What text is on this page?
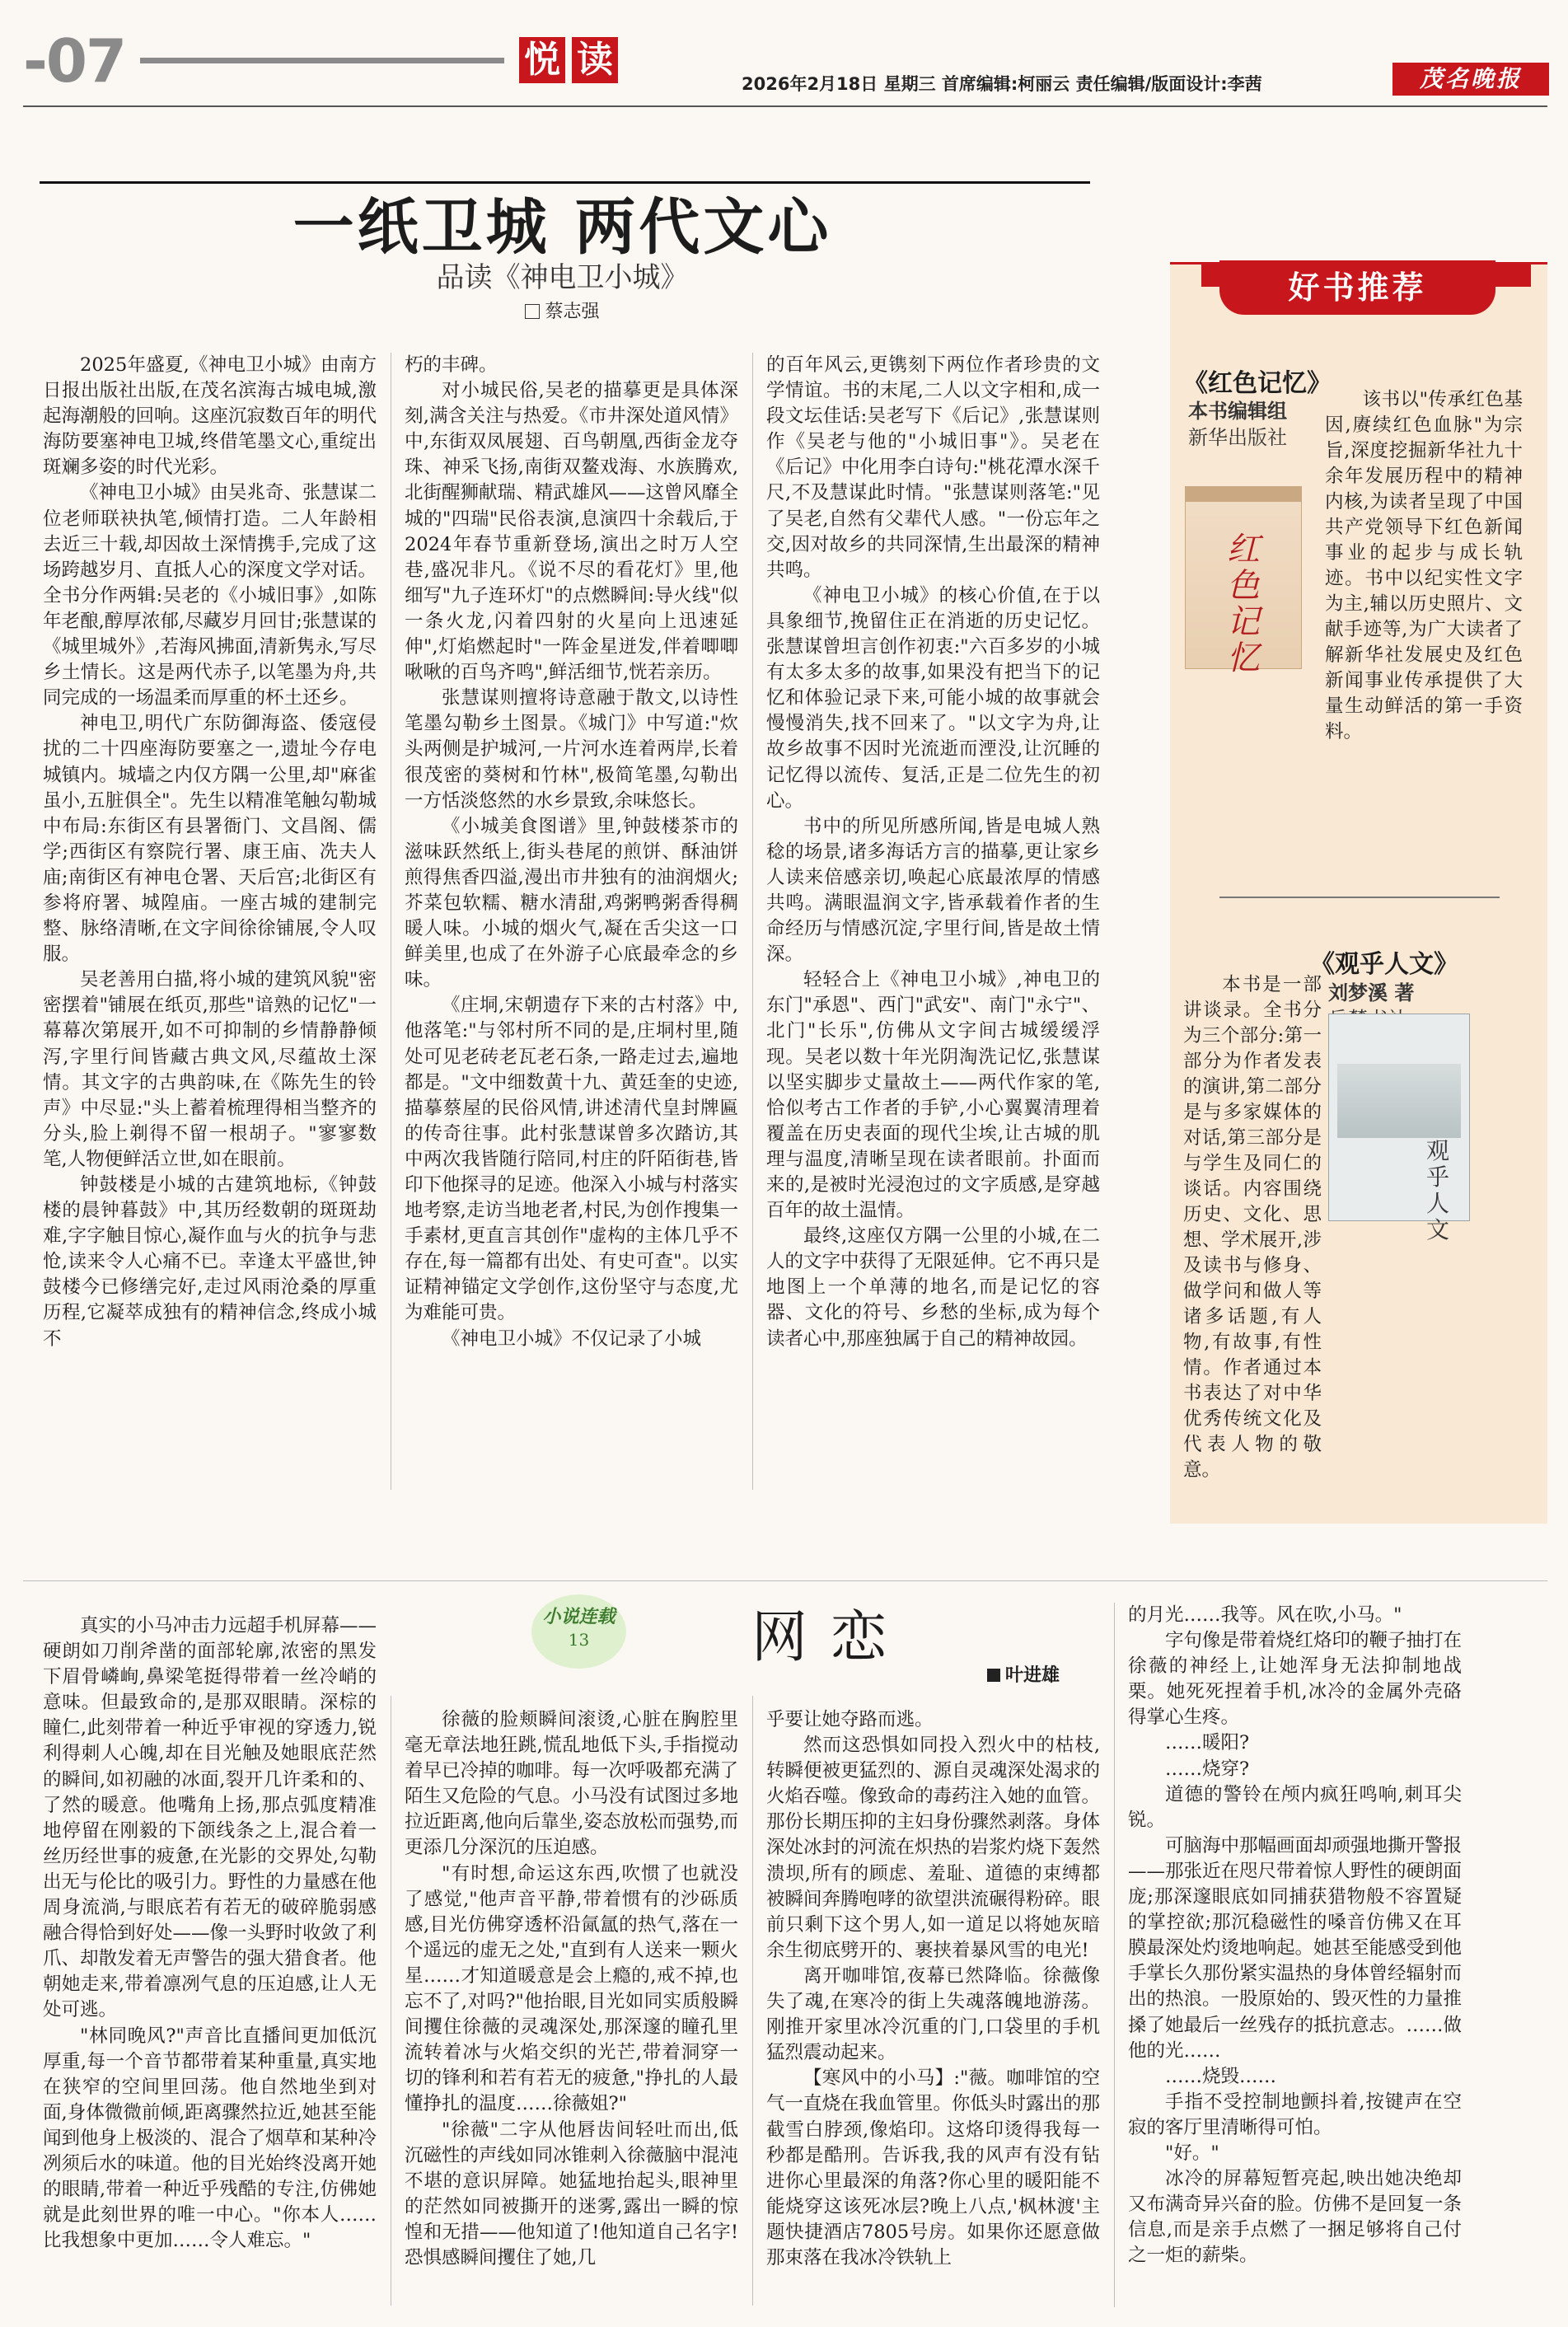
-07	悦 读
2026年2月18日 星期三 首席编辑:柯丽云 责任编辑/版面设计:李茜	茂名晚报
一纸卫城 两代文心
品读《神电卫小城》
蔡志强

2025年盛夏,《神电卫小城》由南方日报出版社出版,在茂名滨海古城电城,激起海潮般的回响。这座沉寂数百年的明代海防要塞神电卫城,终借笔墨文心,重绽出斑斓多姿的时代光彩。

《神电卫小城》由吴兆奇、张慧谋二位老师联袂执笔,倾情打造。二人年龄相去近三十载,却因故土深情携手,完成了这场跨越岁月、直抵人心的深度文学对话。全书分作两辑:吴老的《小城旧事》,如陈年老酿,醇厚浓郁,尽藏岁月回甘;张慧谋的《城里城外》,若海风拂面,清新隽永,写尽乡土情长。这是两代赤子,以笔墨为舟,共同完成的一场温柔而厚重的杯土还乡。

神电卫,明代广东防御海盗、倭寇侵扰的二十四座海防要塞之一,遗址今存电城镇内。城墙之内仅方隅一公里,却"麻雀虽小,五脏俱全"。先生以精准笔触勾勒城中布局:东街区有县署衙门、文昌阁、儒学;西街区有察院行署、康王庙、冼夫人庙;南街区有神电仓署、天后宫;北街区有参将府署、城隍庙。一座古城的建制完整、脉络清晰,在文字间徐徐铺展,令人叹服。

吴老善用白描,将小城的建筑风貌"密密摆着"铺展在纸页,那些"谙熟的记忆"一幕幕次第展开,如不可抑制的乡情静静倾泻,字里行间皆藏古典文风,尽蕴故土深情。其文字的古典韵味,在《陈先生的铃声》中尽显:"头上蓄着梳理得相当整齐的分头,脸上剃得不留一根胡子。"寥寥数笔,人物便鲜活立世,如在眼前。

钟鼓楼是小城的古建筑地标,《钟鼓楼的晨钟暮鼓》中,其历经数朝的斑斑劫难,字字触目惊心,凝作血与火的抗争与悲怆,读来令人心痛不已。幸逢太平盛世,钟鼓楼今已修缮完好,走过风雨沧桑的厚重历程,它凝萃成独有的精神信念,终成小城不

朽的丰碑。

对小城民俗,吴老的描摹更是具体深刻,满含关注与热爱。《市井深处道风情》中,东街双凤展翅、百鸟朝凰,西街金龙夺珠、神采飞扬,南街双鳌戏海、水族腾欢,北街醒狮献瑞、精武雄风——这曾风靡全城的"四瑞"民俗表演,息演四十余载后,于2024年春节重新登场,演出之时万人空巷,盛况非凡。《说不尽的看花灯》里,他细写"九子连环灯"的点燃瞬间:导火线"似一条火龙,闪着四射的火星向上迅速延伸",灯焰燃起时"一阵金星迸发,伴着唧唧啾啾的百鸟齐鸣",鲜活细节,恍若亲历。

张慧谋则擅将诗意融于散文,以诗性笔墨勾勒乡土图景。《城门》中写道:"炊头两侧是护城河,一片河水连着两岸,长着很茂密的葵树和竹林",极简笔墨,勾勒出一方恬淡悠然的水乡景致,余味悠长。

《小城美食图谱》里,钟鼓楼茶市的滋味跃然纸上,街头巷尾的煎饼、酥油饼煎得焦香四溢,漫出市井独有的油润烟火;芥菜包软糯、糖水清甜,鸡粥鸭粥香得稠暖人味。小城的烟火气,凝在舌尖这一口鲜美里,也成了在外游子心底最牵念的乡味。

《庄垌,宋朝遗存下来的古村落》中,他落笔:"与邻村所不同的是,庄垌村里,随处可见老砖老瓦老石条,一路走过去,遍地都是。"文中细数黄十九、黄廷奎的史迹,描摹蔡屋的民俗风情,讲述清代皇封牌匾的传奇往事。此村张慧谋曾多次踏访,其中两次我皆随行陪同,村庄的阡陌街巷,皆印下他探寻的足迹。他深入小城与村落实地考察,走访当地老者,村民,为创作搜集一手素材,更直言其创作"虚构的主体几乎不存在,每一篇都有出处、有史可查"。以实证精神锚定文学创作,这份坚守与态度,尤为难能可贵。

《神电卫小城》不仅记录了小城

的百年风云,更镌刻下两位作者珍贵的文学情谊。书的末尾,二人以文字相和,成一段文坛佳话:吴老写下《后记》,张慧谋则作《吴老与他的"小城旧事"》。吴老在《后记》中化用李白诗句:"桃花潭水深千尺,不及慧谋此时情。"张慧谋则落笔:"见了吴老,自然有父辈代人感。"一份忘年之交,因对故乡的共同深情,生出最深的精神共鸣。

《神电卫小城》的核心价值,在于以具象细节,挽留住正在消逝的历史记忆。张慧谋曾坦言创作初衷:"六百多岁的小城有太多太多的故事,如果没有把当下的记忆和体验记录下来,可能小城的故事就会慢慢消失,找不回来了。"以文字为舟,让故乡故事不因时光流逝而湮没,让沉睡的记忆得以流传、复活,正是二位先生的初心。

书中的所见所感所闻,皆是电城人熟稔的场景,诸多海话方言的描摹,更让家乡人读来倍感亲切,唤起心底最浓厚的情感共鸣。满眼温润文字,皆承载着作者的生命经历与情感沉淀,字里行间,皆是故土情深。

轻轻合上《神电卫小城》,神电卫的东门"承恩"、西门"武安"、南门"永宁"、北门"长乐",仿佛从文字间古城缓缓浮现。吴老以数十年光阴淘洗记忆,张慧谋以坚实脚步丈量故土——两代作家的笔,恰似考古工作者的手铲,小心翼翼清理着覆盖在历史表面的现代尘埃,让古城的肌理与温度,清晰呈现在读者眼前。扑面而来的,是被时光浸泡过的文字质感,是穿越百年的故土温情。

最终,这座仅方隅一公里的小城,在二人的文字中获得了无限延伸。它不再只是地图上一个单薄的地名,而是记忆的容器、文化的符号、乡愁的坐标,成为每个读者心中,那座独属于自己的精神故园。

好书推荐
《红色记忆》
本书编辑组
新华出版社
红色记忆
该书以"传承红色基因,赓续红色血脉"为宗旨,深度挖掘新华社九十余年发展历程中的精神内核,为读者呈现了中国共产党领导下红色新闻事业的起步与成长轨迹。书中以纪实性文字为主,辅以历史照片、文献手迹等,为广大读者了解新华社发展史及红色新闻事业传承提供了大量生动鲜活的第一手资料。
《观乎人文》
刘梦溪 著
观乎人文
本书是一部讲谈录。全书分为三个部分:第一部分为作者发表的演讲,第二部分是与多家媒体的对话,第三部分是与学生及同仁的谈话。内容围绕历史、文化、思想、学术展开,涉及读书与修身、做学问和做人等诸多话题,有人物,有故事,有性情。作者通过本书表达了对中华优秀传统文化及代表人物的敬意。
小说连载
13	网恋
叶进雄

真实的小马冲击力远超手机屏幕——硬朗如刀削斧凿的面部轮廓,浓密的黑发下眉骨嶙峋,鼻梁笔挺得带着一丝冷峭的意味。但最致命的,是那双眼睛。深棕的瞳仁,此刻带着一种近乎审视的穿透力,锐利得刺人心魄,却在目光触及她眼底茫然的瞬间,如初融的冰面,裂开几许柔和的、了然的暖意。他嘴角上扬,那点弧度精准地停留在刚毅的下颌线条之上,混合着一丝历经世事的疲惫,在光影的交界处,勾勒出无与伦比的吸引力。野性的力量感在他周身流淌,与眼底若有若无的破碎脆弱感融合得恰到好处——像一头野时收敛了利爪、却散发着无声警告的强大猎食者。他朝她走来,带着凛冽气息的压迫感,让人无处可逃。

"林同晚风?"声音比直播间更加低沉厚重,每一个音节都带着某种重量,真实地在狭窄的空间里回荡。他自然地坐到对面,身体微微前倾,距离骤然拉近,她甚至能闻到他身上极淡的、混合了烟草和某种冷冽须后水的味道。他的目光始终没离开她的眼睛,带着一种近乎残酷的专注,仿佛她就是此刻世界的唯一中心。"你本人……比我想象中更加……令人难忘。"

徐薇的脸颊瞬间滚烫,心脏在胸腔里毫无章法地狂跳,慌乱地低下头,手指搅动着早已冷掉的咖啡。每一次呼吸都充满了陌生又危险的气息。小马没有试图过多地拉近距离,他向后靠坐,姿态放松而强势,而更添几分深沉的压迫感。

"有时想,命运这东西,吹惯了也就没了感觉,"他声音平静,带着惯有的沙砾质感,目光仿佛穿透杯沿氤氲的热气,落在一个遥远的虚无之处,"直到有人送来一颗火星……才知道暖意是会上瘾的,戒不掉,也忘不了,对吗?"他抬眼,目光如同实质般瞬间攫住徐薇的灵魂深处,那深邃的瞳孔里流转着冰与火焰交织的光芒,带着洞穿一切的锋利和若有若无的疲惫,"挣扎的人最懂挣扎的温度……徐薇姐?"

"徐薇"二字从他唇齿间轻吐而出,低沉磁性的声线如同冰锥刺入徐薇脑中混沌不堪的意识屏障。她猛地抬起头,眼神里的茫然如同被撕开的迷雾,露出一瞬的惊惶和无措——他知道了!他知道自己名字!恐惧感瞬间攫住了她,几

乎要让她夺路而逃。

然而这恐惧如同投入烈火中的枯枝,转瞬便被更猛烈的、源自灵魂深处渴求的火焰吞噬。像致命的毒药注入她的血管。那份长期压抑的主妇身份骤然剥落。身体深处冰封的河流在炽热的岩浆灼烧下轰然溃坝,所有的顾虑、羞耻、道德的束缚都被瞬间奔腾咆哮的欲望洪流碾得粉碎。眼前只剩下这个男人,如一道足以将她灰暗余生彻底劈开的、裹挟着暴风雪的电光!

离开咖啡馆,夜幕已然降临。徐薇像失了魂,在寒冷的街上失魂落魄地游荡。刚推开家里冰冷沉重的门,口袋里的手机猛烈震动起来。

【寒风中的小马】:"薇。咖啡馆的空气一直烧在我血管里。你低头时露出的那截雪白脖颈,像焰印。这烙印烫得我每一秒都是酷刑。告诉我,我的风声有没有钻进你心里最深的角落?你心里的暖阳能不能烧穿这该死冰层?晚上八点,'枫林渡'主题快捷酒店7805号房。如果你还愿意做那束落在我冰冷铁轨上

的月光……我等。风在吹,小马。"

字句像是带着烧红烙印的鞭子抽打在徐薇的神经上,让她浑身无法抑制地战栗。她死死捏着手机,冰冷的金属外壳硌得掌心生疼。

……暖阳?

……烧穿?

道德的警铃在颅内疯狂鸣响,刺耳尖锐。

可脑海中那幅画面却顽强地撕开警报——那张近在咫尺带着惊人野性的硬朗面庞;那深邃眼底如同捕获猎物般不容置疑的掌控欲;那沉稳磁性的嗓音仿佛又在耳膜最深处灼烫地响起。她甚至能感受到他手掌长久那份紧实温热的身体曾经辐射而出的热浪。一股原始的、毁灭性的力量推搡了她最后一丝残存的抵抗意志。……做他的光……

……烧毁……

手指不受控制地颤抖着,按键声在空寂的客厅里清晰得可怕。

"好。"

冰冷的屏幕短暂亮起,映出她决绝却又布满奇异兴奋的脸。仿佛不是回复一条信息,而是亲手点燃了一捆足够将自己付之一炬的薪柴。
